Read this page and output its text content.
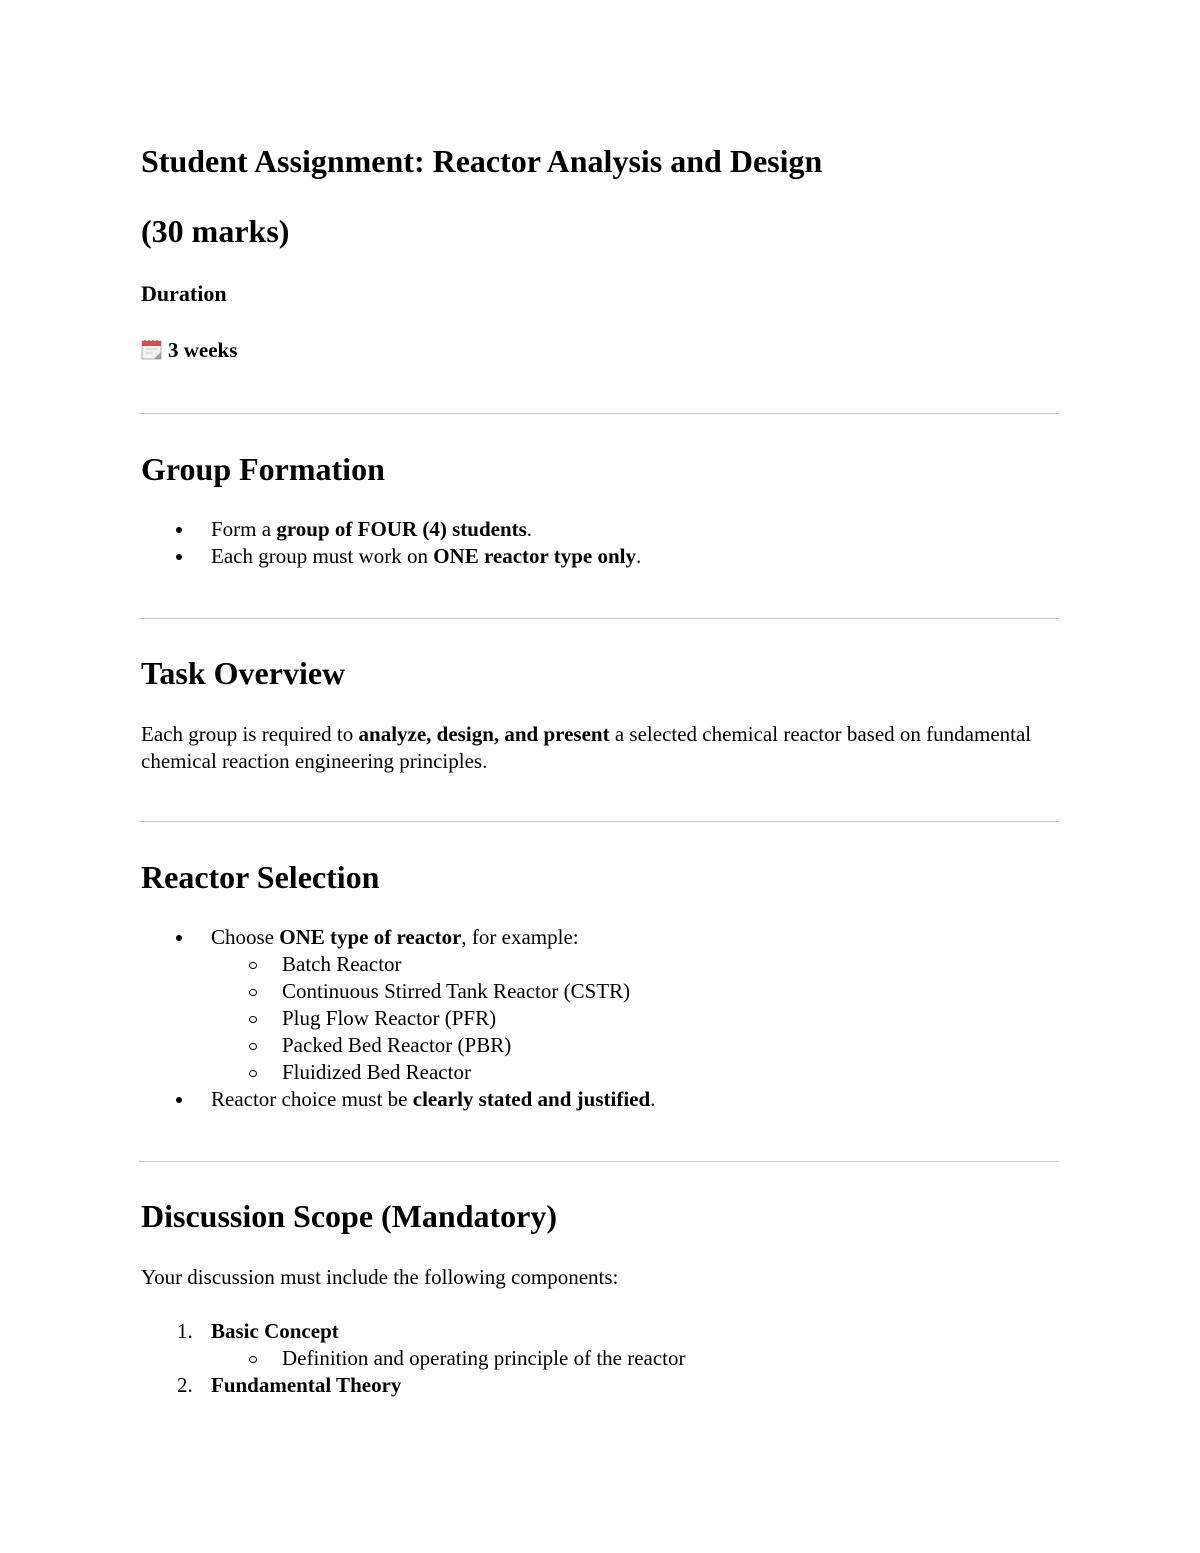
Student Assignment: Reactor Analysis and Design
(30 marks)
Duration
3 weeks
Group Formation
Form a group of FOUR (4) students.
Each group must work on ONE reactor type only.
Task Overview

Each group is required to analyze, design, and present a selected chemical reactor based on fundamental chemical reaction engineering principles.

Reactor Selection
Choose ONE type of reactor, for example:
Batch Reactor
Continuous Stirred Tank Reactor (CSTR)
Plug Flow Reactor (PFR)
Packed Bed Reactor (PBR)
Fluidized Bed Reactor
Reactor choice must be clearly stated and justified.
Discussion Scope (Mandatory)

Your discussion must include the following components:

1. Basic Concept
Definition and operating principle of the reactor
2. Fundamental Theory
